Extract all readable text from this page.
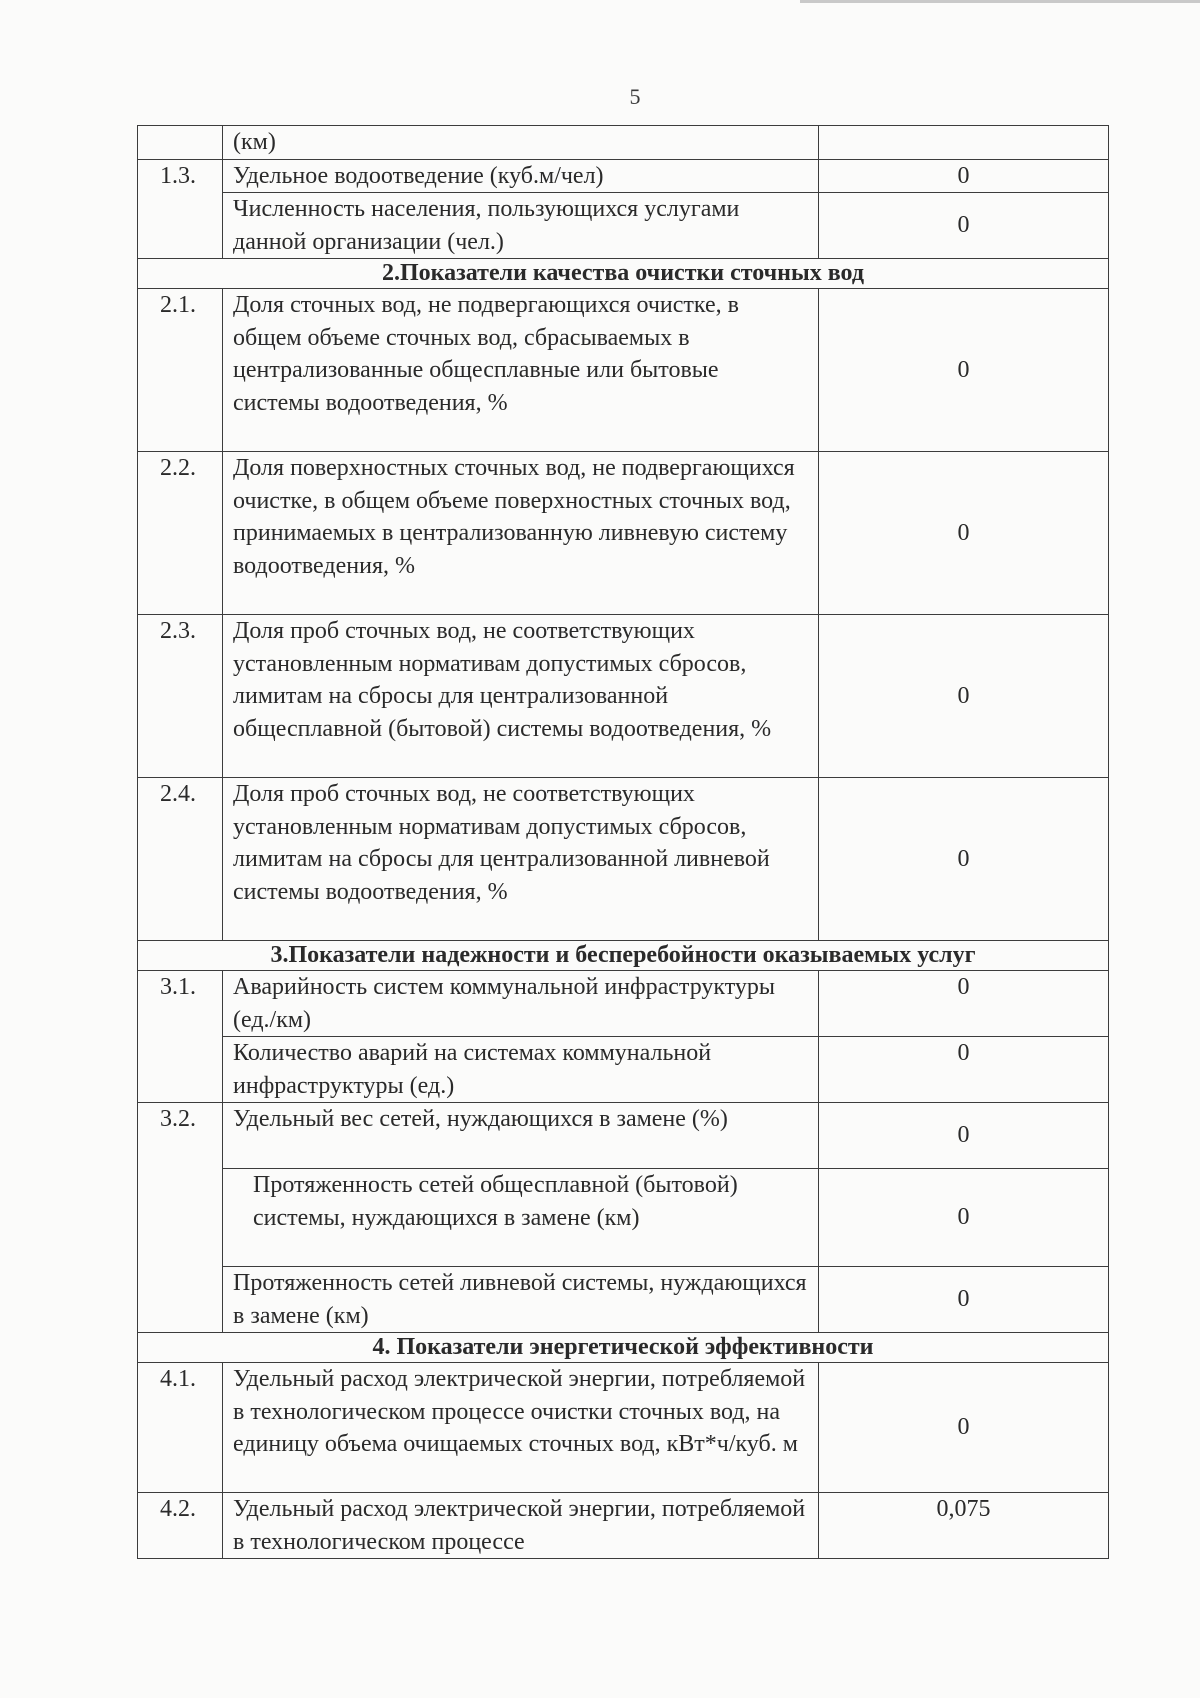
5
	(км)	
1.3.	Удельное водоотведение (куб.м/чел)	0
	Численность населения, пользующихся услугами данной организации (чел.)	0
2.Показатели качества очистки сточных вод		
2.1.	Доля сточных вод, не подвергающихся очистке, в общем объеме сточных вод, сбрасываемых в централизованные общесплавные или бытовые системы водоотведения, %	0
2.2.	Доля поверхностных сточных вод, не подвергающихся очистке, в общем объеме поверхностных сточных вод, принимаемых в централизованную ливневую систему водоотведения, %	0
2.3.	Доля проб сточных вод, не соответствующих установленным нормативам допустимых сбросов, лимитам на сбросы для централизованной общесплавной (бытовой) системы водоотведения, %	0
2.4.	Доля проб сточных вод, не соответствующих установленным нормативам допустимых сбросов, лимитам на сбросы для централизованной ливневой системы водоотведения, %	0
3.Показатели надежности и бесперебойности оказываемых услуг		
3.1.	Аварийность систем коммунальной инфраструктуры (ед./км)	0
	Количество аварий на системах коммунальной инфраструктуры (ед.)	0
3.2.	Удельный вес сетей, нуждающихся в замене (%)	0
	Протяженность сетей общесплавной (бытовой) системы, нуждающихся в замене (км)	0
	Протяженность сетей ливневой системы, нуждающихся в замене (км)	0
4. Показатели энергетической эффективности		
4.1.	Удельный расход электрической энергии, потребляемой в технологическом процессе очистки сточных вод, на единицу объема очищаемых сточных вод, кВт*ч/куб. м	0
4.2.	Удельный расход электрической энергии, потребляемой в технологическом процессе	0,075
